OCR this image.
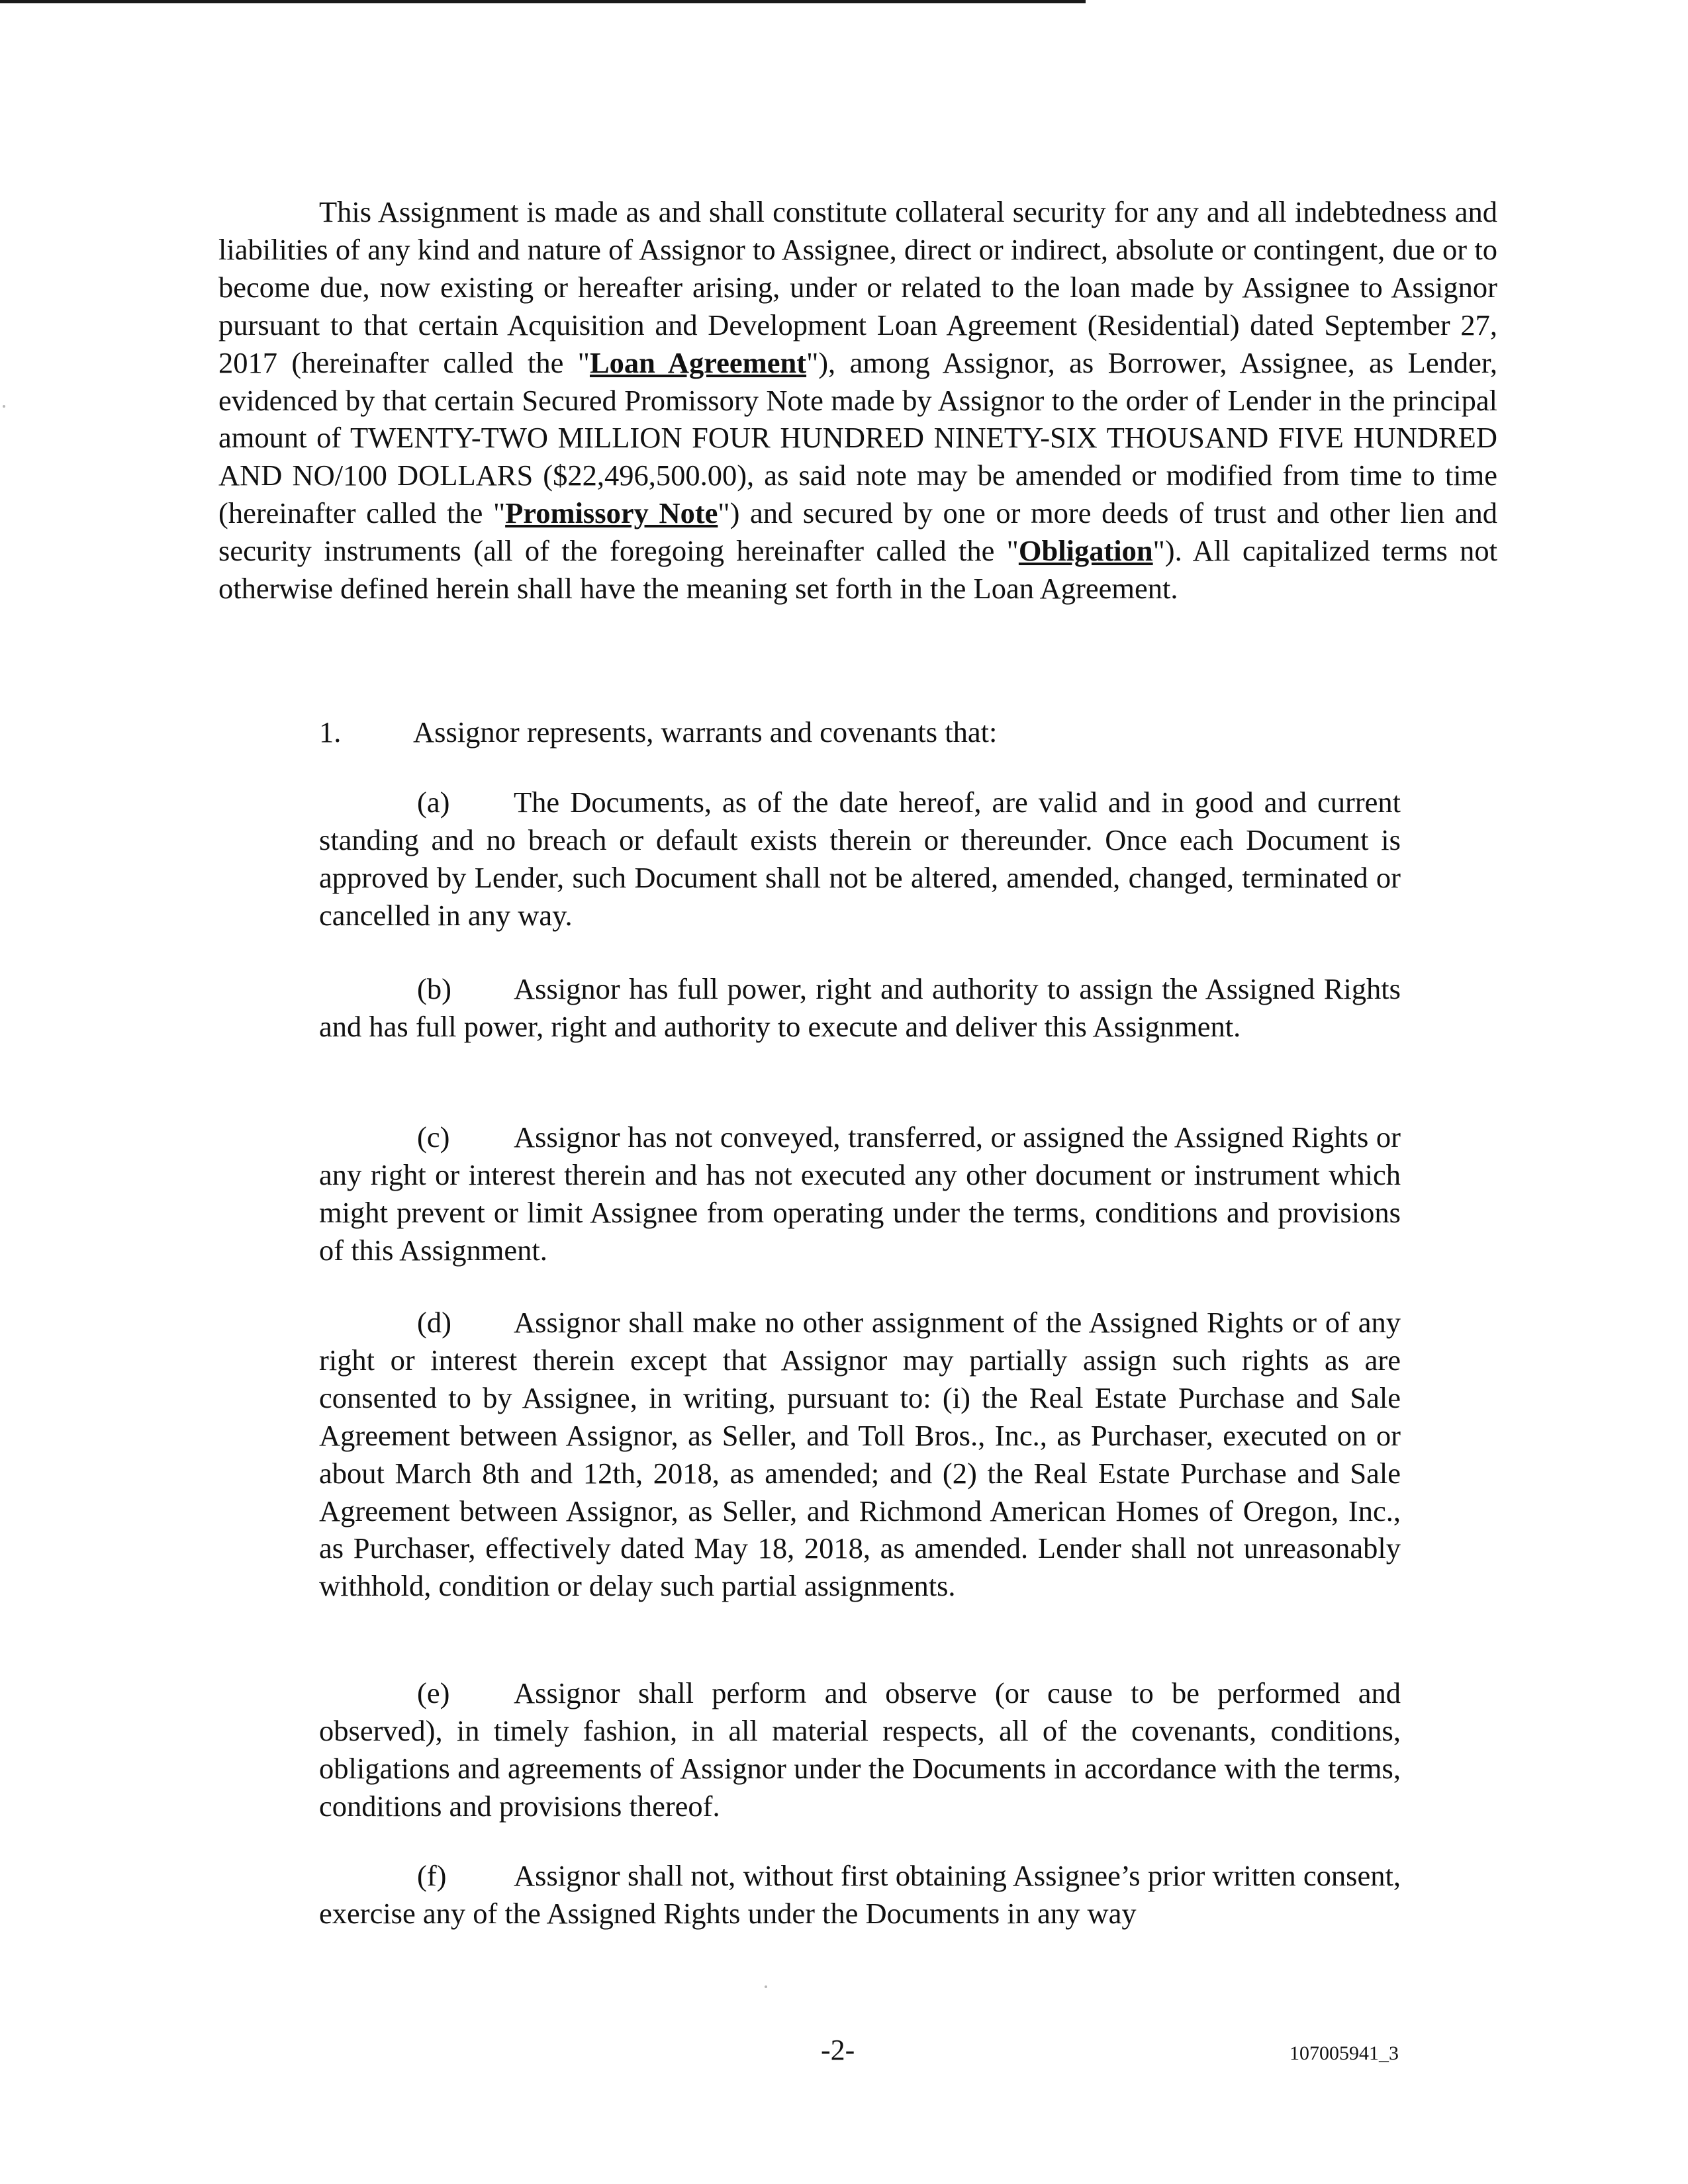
This Assignment is made as and shall constitute collateral security for any and all indebtedness and liabilities of any kind and nature of Assignor to Assignee, direct or indirect, absolute or contingent, due or to become due, now existing or hereafter arising, under or related to the loan made by Assignee to Assignor pursuant to that certain Acquisition and Development Loan Agreement (Residential) dated September 27, 2017 (hereinafter called the "Loan Agreement"), among Assignor, as Borrower, Assignee, as Lender, evidenced by that certain Secured Promissory Note made by Assignor to the order of Lender in the principal amount of TWENTY-TWO MILLION FOUR HUNDRED NINETY-SIX THOUSAND FIVE HUNDRED AND NO/100 DOLLARS ($22,496,500.00), as said note may be amended or modified from time to time (hereinafter called the "Promissory Note") and secured by one or more deeds of trust and other lien and security instruments (all of the foregoing hereinafter called the "Obligation"). All capitalized terms not otherwise defined herein shall have the meaning set forth in the Loan Agreement.

1. Assignor represents, warrants and covenants that:

(a) The Documents, as of the date hereof, are valid and in good and current standing and no breach or default exists therein or thereunder. Once each Document is approved by Lender, such Document shall not be altered, amended, changed, terminated or cancelled in any way.

(b) Assignor has full power, right and authority to assign the Assigned Rights and has full power, right and authority to execute and deliver this Assignment.

(c) Assignor has not conveyed, transferred, or assigned the Assigned Rights or any right or interest therein and has not executed any other document or instrument which might prevent or limit Assignee from operating under the terms, conditions and provisions of this Assignment.

(d) Assignor shall make no other assignment of the Assigned Rights or of any right or interest therein except that Assignor may partially assign such rights as are consented to by Assignee, in writing, pursuant to: (i) the Real Estate Purchase and Sale Agreement between Assignor, as Seller, and Toll Bros., Inc., as Purchaser, executed on or about March 8th and 12th, 2018, as amended; and (2) the Real Estate Purchase and Sale Agreement between Assignor, as Seller, and Richmond American Homes of Oregon, Inc., as Purchaser, effectively dated May 18, 2018, as amended. Lender shall not unreasonably withhold, condition or delay such partial assignments.

(e) Assignor shall perform and observe (or cause to be performed and observed), in timely fashion, in all material respects, all of the covenants, conditions, obligations and agreements of Assignor under the Documents in accordance with the terms, conditions and provisions thereof.

(f) Assignor shall not, without first obtaining Assignee’s prior written consent, exercise any of the Assigned Rights under the Documents in any way

-2-	107005941_3
